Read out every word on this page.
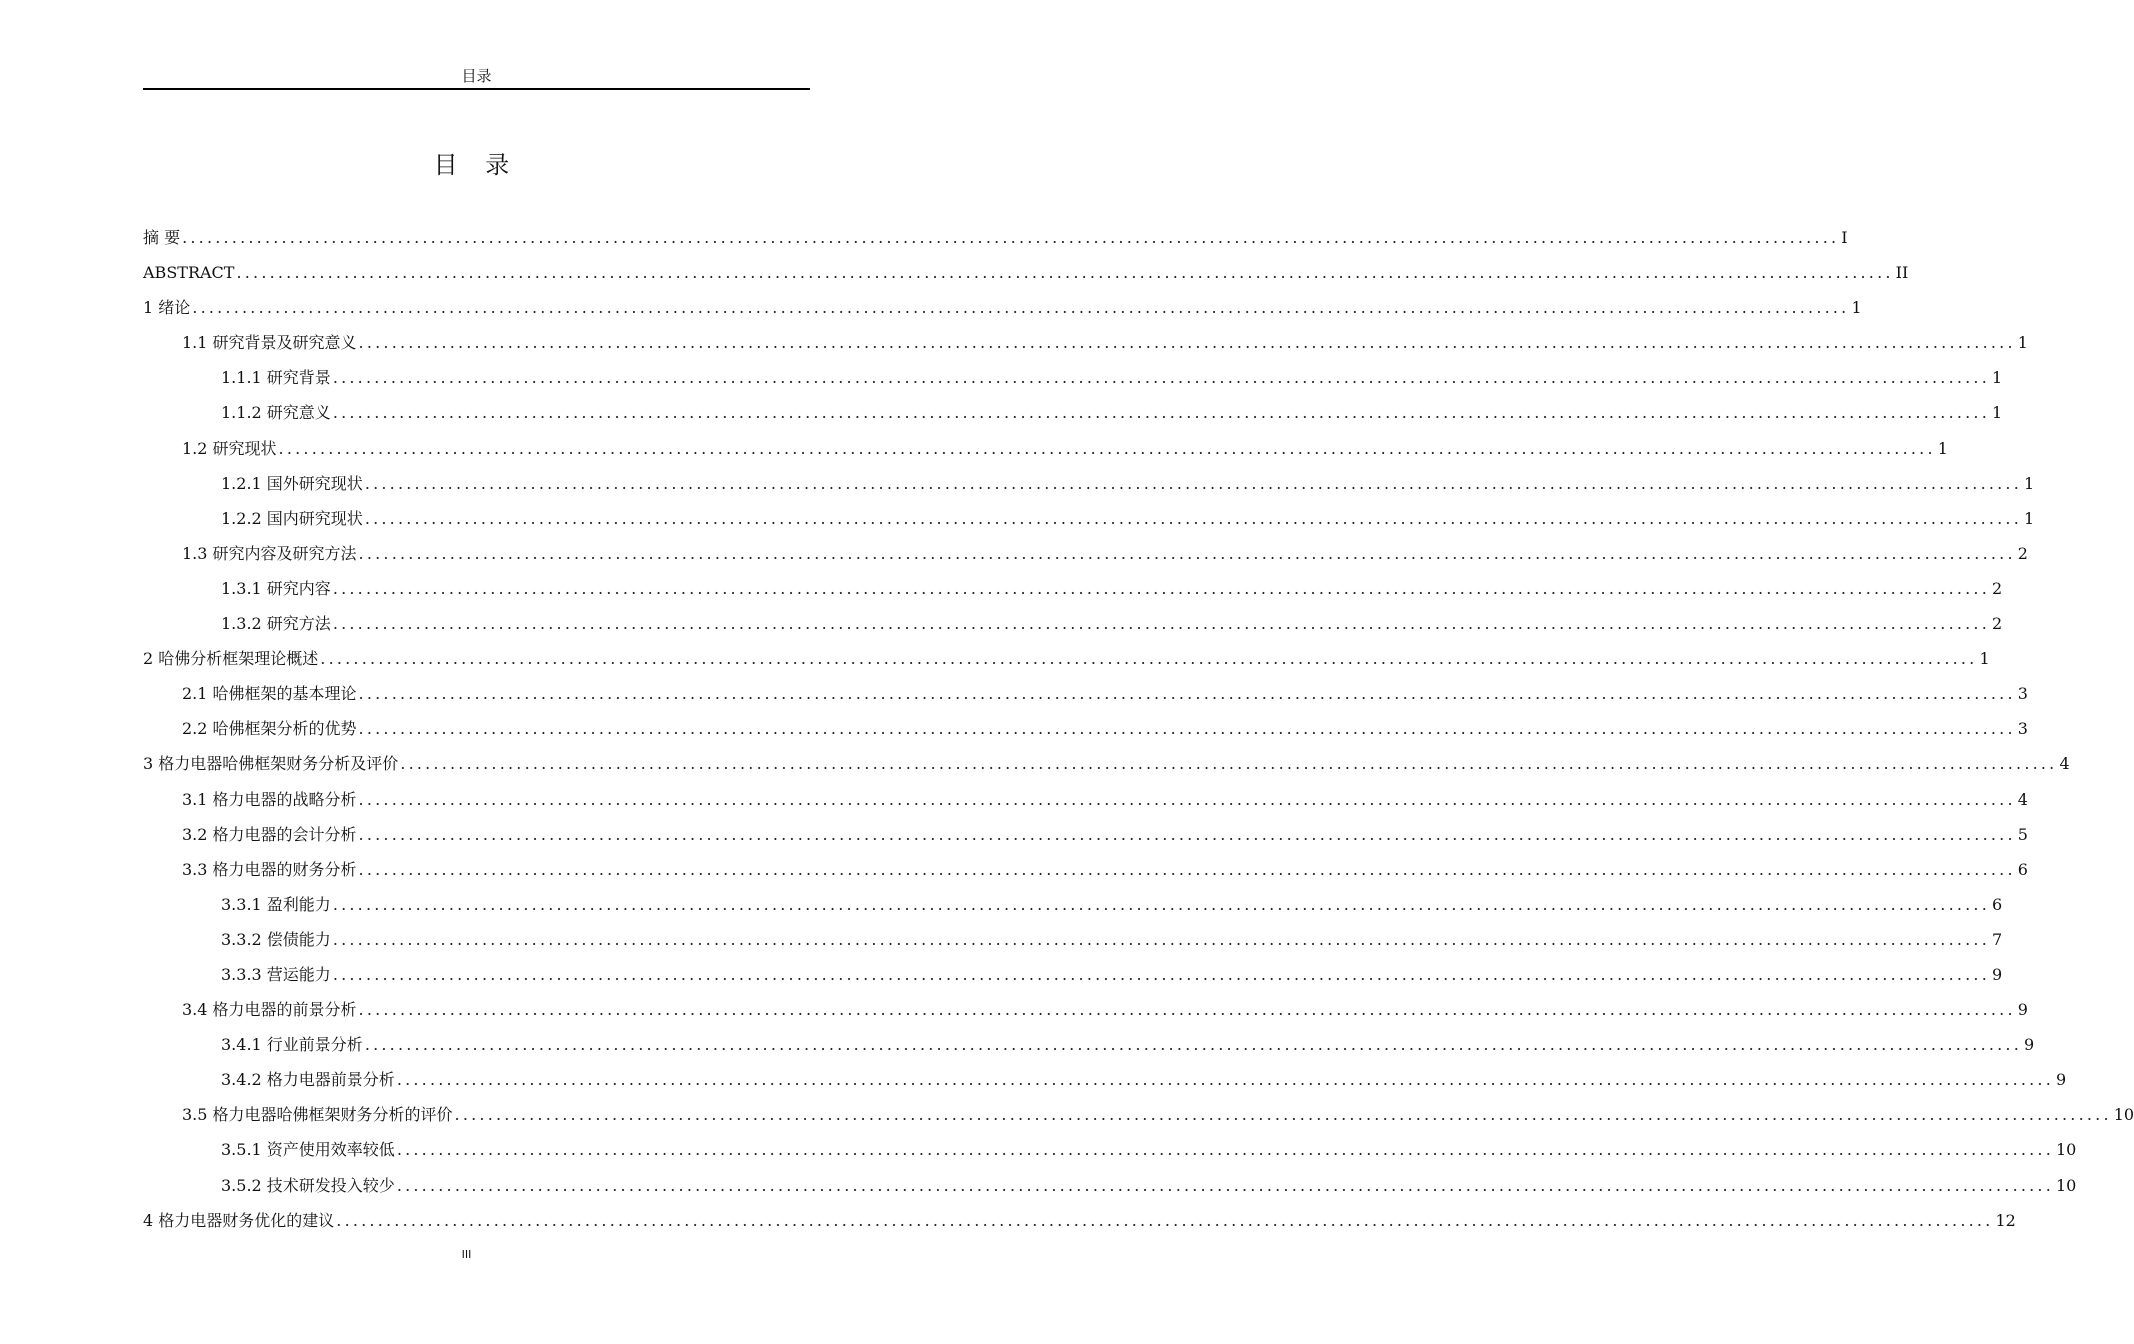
目录
目 录
摘 要 ........................................................................................................................................................................................................ I
ABSTRACT ........................................................................................................................................................................................................ II
1 绪论 ........................................................................................................................................................................................................ 1
1.1 研究背景及研究意义 ........................................................................................................................................................................................................ 1
1.1.1 研究背景 ........................................................................................................................................................................................................ 1
1.1.2 研究意义 ........................................................................................................................................................................................................ 1
1.2 研究现状 ........................................................................................................................................................................................................ 1
1.2.1 国外研究现状 ........................................................................................................................................................................................................ 1
1.2.2 国内研究现状 ........................................................................................................................................................................................................ 1
1.3 研究内容及研究方法 ........................................................................................................................................................................................................ 2
1.3.1 研究内容 ........................................................................................................................................................................................................ 2
1.3.2 研究方法 ........................................................................................................................................................................................................ 2
2 哈佛分析框架理论概述 ........................................................................................................................................................................................................ 1
2.1 哈佛框架的基本理论 ........................................................................................................................................................................................................ 3
2.2 哈佛框架分析的优势 ........................................................................................................................................................................................................ 3
3 格力电器哈佛框架财务分析及评价 ........................................................................................................................................................................................................ 4
3.1 格力电器的战略分析 ........................................................................................................................................................................................................ 4
3.2 格力电器的会计分析 ........................................................................................................................................................................................................ 5
3.3 格力电器的财务分析 ........................................................................................................................................................................................................ 6
3.3.1 盈利能力 ........................................................................................................................................................................................................ 6
3.3.2 偿债能力 ........................................................................................................................................................................................................ 7
3.3.3 营运能力 ........................................................................................................................................................................................................ 9
3.4 格力电器的前景分析 ........................................................................................................................................................................................................ 9
3.4.1 行业前景分析 ........................................................................................................................................................................................................ 9
3.4.2 格力电器前景分析 ........................................................................................................................................................................................................ 9
3.5 格力电器哈佛框架财务分析的评价 ........................................................................................................................................................................................................ 10
3.5.1 资产使用效率较低 ........................................................................................................................................................................................................ 10
3.5.2 技术研发投入较少 ........................................................................................................................................................................................................ 10
4 格力电器财务优化的建议 ........................................................................................................................................................................................................ 12
III
